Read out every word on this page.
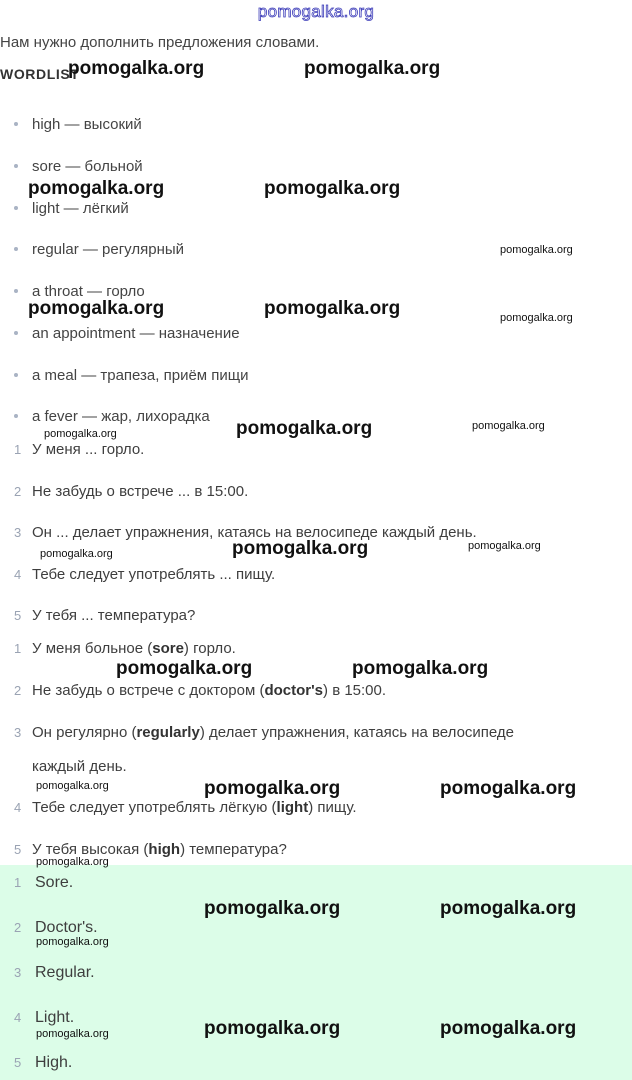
pomogalka.org
Нам нужно дополнить предложения словами.
WORDLIST
high — высокий
sore — больной
light — лёгкий
regular — регулярный
a throat — горло
an appointment — назначение
a meal — трапеза, приём пищи
a fever — жар, лихорадка
1 У меня ... горло.
2 Не забудь о встрече ... в 15:00.
3 Он ... делает упражнения, катаясь на велосипеде каждый день.
4 Тебе следует употреблять ... пищу.
5 У тебя ... температура?
1 У меня больное (sore) горло.
2 Не забудь о встрече с доктором (doctor's) в 15:00.
3 Он регулярно (regularly) делает упражнения, катаясь на велосипеде
каждый день.
4 Тебе следует употреблять лёгкую (light) пищу.
5 У тебя высокая (high) температура?
1 Sore.
2 Doctor's.
3 Regular.
4 Light.
5 High.
pomogalka.org	pomogalka.org
pomogalka.org	pomogalka.org
pomogalka.org
pomogalka.org	pomogalka.org	pomogalka.org
pomogalka.org	pomogalka.org	pomogalka.org
pomogalka.org	pomogalka.org	pomogalka.org
pomogalka.org	pomogalka.org
pomogalka.org	pomogalka.org	pomogalka.org
pomogalka.org
pomogalka.org	pomogalka.org
pomogalka.org
pomogalka.org	pomogalka.org	pomogalka.org
